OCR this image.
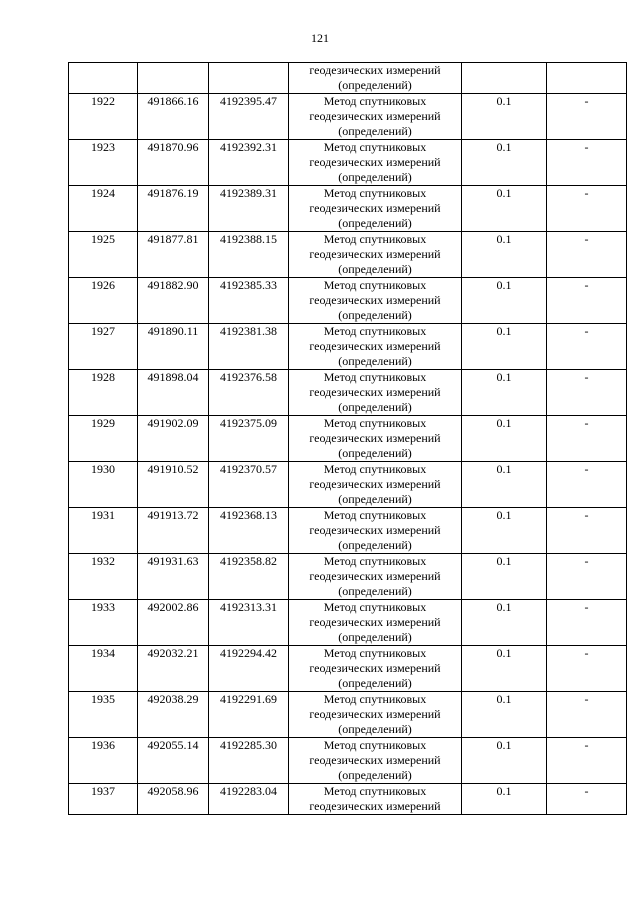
121

			геодезических измерений
(определений)		

1922	491866.16	4192395.47	Метод спутниковых
геодезических измерений
(определений)	0.1	-
1923	491870.96	4192392.31	Метод спутниковых
геодезических измерений
(определений)	0.1	-
1924	491876.19	4192389.31	Метод спутниковых
геодезических измерений
(определений)	0.1	-
1925	491877.81	4192388.15	Метод спутниковых
геодезических измерений
(определений)	0.1	-
1926	491882.90	4192385.33	Метод спутниковых
геодезических измерений
(определений)	0.1	-
1927	491890.11	4192381.38	Метод спутниковых
геодезических измерений
(определений)	0.1	-
1928	491898.04	4192376.58	Метод спутниковых
геодезических измерений
(определений)	0.1	-
1929	491902.09	4192375.09	Метод спутниковых
геодезических измерений
(определений)	0.1	-
1930	491910.52	4192370.57	Метод спутниковых
геодезических измерений
(определений)	0.1	-
1931	491913.72	4192368.13	Метод спутниковых
геодезических измерений
(определений)	0.1	-
1932	491931.63	4192358.82	Метод спутниковых
геодезических измерений
(определений)	0.1	-
1933	492002.86	4192313.31	Метод спутниковых
геодезических измерений
(определений)	0.1	-
1934	492032.21	4192294.42	Метод спутниковых
геодезических измерений
(определений)	0.1	-
1935	492038.29	4192291.69	Метод спутниковых
геодезических измерений
(определений)	0.1	-
1936	492055.14	4192285.30	Метод спутниковых
геодезических измерений
(определений)	0.1	-
1937	492058.96	4192283.04	Метод спутниковых
геодезических измерений	0.1	-
